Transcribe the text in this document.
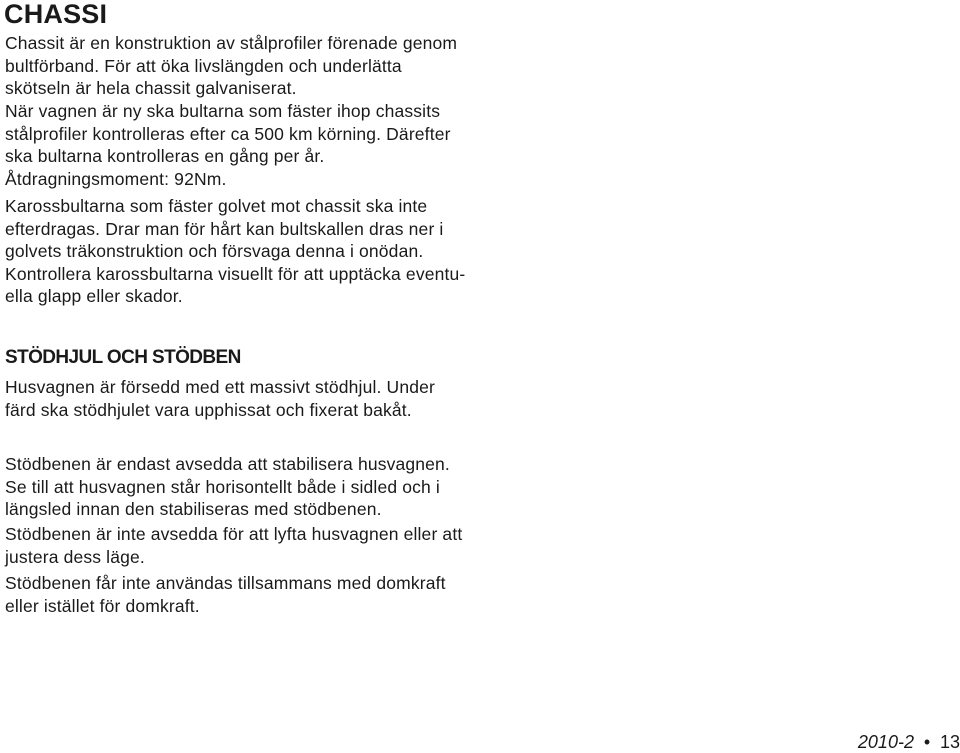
CHASSI

Chassit är en konstruktion av stålprofiler förenade genom
bultförband. För att öka livslängden och underlätta
skötseln är hela chassit galvaniserat.

När vagnen är ny ska bultarna som fäster ihop chassits
stålprofiler kontrolleras efter ca 500 km körning. Därefter
ska bultarna kontrolleras en gång per år.
Åtdragningsmoment: 92Nm.

Karossbultarna som fäster golvet mot chassit ska inte
efterdragas. Drar man för hårt kan bultskallen dras ner i
golvets träkonstruktion och försvaga denna i onödan.
Kontrollera karossbultarna visuellt för att upptäcka eventu-
ella glapp eller skador.

STÖDHJUL OCH STÖDBEN

Husvagnen är försedd med ett massivt stödhjul. Under
färd ska stödhjulet vara upphissat och fixerat bakåt.

Stödbenen är endast avsedda att stabilisera husvagnen.
Se till att husvagnen står horisontellt både i sidled och i
längsled innan den stabiliseras med stödbenen.

Stödbenen är inte avsedda för att lyfta husvagnen eller att
justera dess läge.

Stödbenen får inte användas tillsammans med domkraft
eller istället för domkraft.

2010-2 • 13
